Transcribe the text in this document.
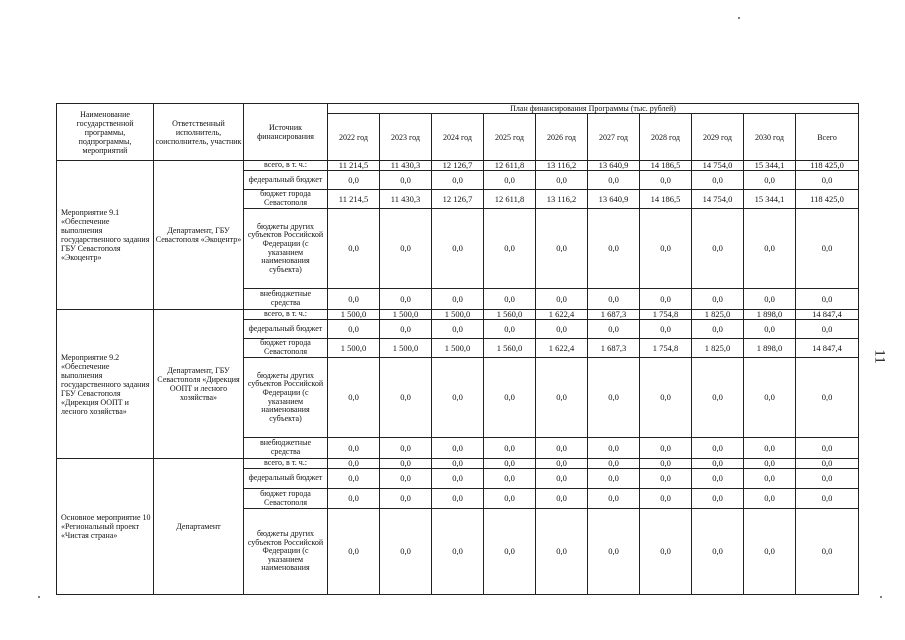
Наименование государственной программы, подпрограммы, мероприятий	Ответственный исполнитель, соисполнитель, участник	Источник финансирования	План финансирования Программы (тыс. рублей)									
			2022 год	2023 год	2024 год	2025 год	2026 год	2027 год	2028 год	2029 год	2030 год	Всего
Мероприятие 9.1 «Обеспечение выполнения государственного задания ГБУ Севастополя «Экоцентр»	Департамент, ГБУ Севастополя «Экоцентр»	всего, в т. ч.:	11 214,5	11 430,3	12 126,7	12 611,8	13 116,2	13 640,9	14 186,5	14 754,0	15 344,1	118 425,0
		федеральный бюджет	0,0	0,0	0,0	0,0	0,0	0,0	0,0	0,0	0,0	0,0
		бюджет города Севастополя	11 214,5	11 430,3	12 126,7	12 611,8	13 116,2	13 640,9	14 186,5	14 754,0	15 344,1	118 425,0
		бюджеты других субъектов Российской Федерации (с указанием наименования субъекта)	0,0	0,0	0,0	0,0	0,0	0,0	0,0	0,0	0,0	0,0
		внебюджетные средства	0,0	0,0	0,0	0,0	0,0	0,0	0,0	0,0	0,0	0,0
Мероприятие 9.2 «Обеспечение выполнения государственного задания ГБУ Севастополя «Дирекция ООПТ и лесного хозяйства»	Департамент, ГБУ Севастополя «Дирекция ООПТ и лесного хозяйства»	всего, в т. ч.:	1 500,0	1 500,0	1 500,0	1 560,0	1 622,4	1 687,3	1 754,8	1 825,0	1 898,0	14 847,4
		федеральный бюджет	0,0	0,0	0,0	0,0	0,0	0,0	0,0	0,0	0,0	0,0
		бюджет города Севастополя	1 500,0	1 500,0	1 500,0	1 560,0	1 622,4	1 687,3	1 754,8	1 825,0	1 898,0	14 847,4
		бюджеты других субъектов Российской Федерации (с указанием наименования субъекта)	0,0	0,0	0,0	0,0	0,0	0,0	0,0	0,0	0,0	0,0
		внебюджетные средства	0,0	0,0	0,0	0,0	0,0	0,0	0,0	0,0	0,0	0,0
Основное мероприятие 10 «Региональный проект «Чистая страна»	Департамент	всего, в т. ч.:	0,0	0,0	0,0	0,0	0,0	0,0	0,0	0,0	0,0	0,0
		федеральный бюджет	0,0	0,0	0,0	0,0	0,0	0,0	0,0	0,0	0,0	0,0
		бюджет города Севастополя	0,0	0,0	0,0	0,0	0,0	0,0	0,0	0,0	0,0	0,0
		бюджеты других субъектов Российской Федерации (с указанием наименования	0,0	0,0	0,0	0,0	0,0	0,0	0,0	0,0	0,0	0,0
11
